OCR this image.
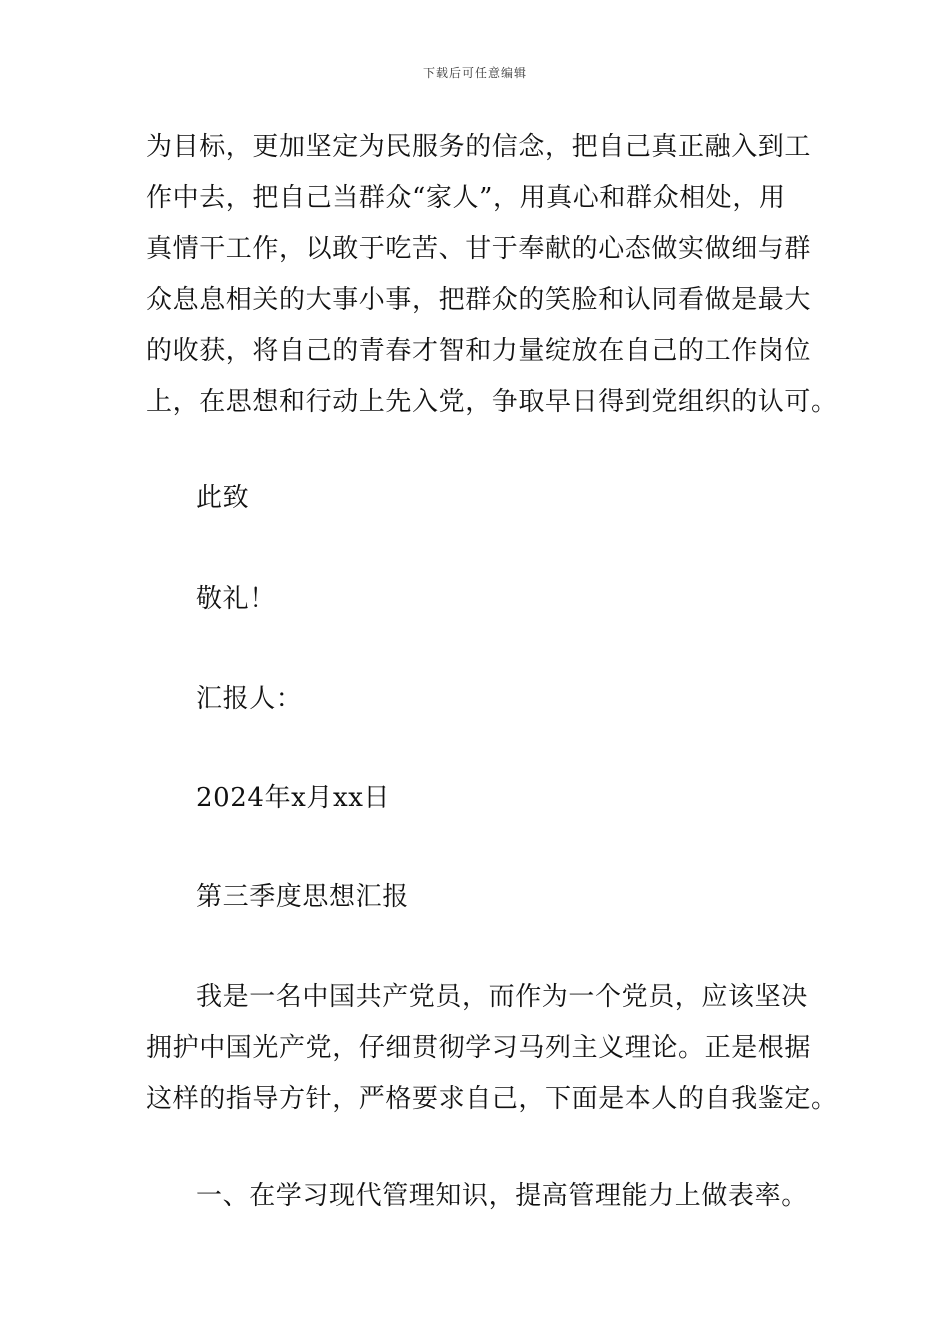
下载后可任意编辑
为目标，更加坚定为民服务的信念，把自己真正融入到工
作中去，把自己当群众“家人”，用真心和群众相处，用
真情干工作，以敢于吃苦、甘于奉献的心态做实做细与群
众息息相关的大事小事，把群众的笑脸和认同看做是最大
的收获，将自己的青春才智和力量绽放在自己的工作岗位
上，在思想和行动上先入党，争取早日得到党组织的认可。
此致
敬礼！
汇报人：
2024年x月xx日
第三季度思想汇报
我是一名中国共产党员，而作为一个党员，应该坚决
拥护中国光产党，仔细贯彻学习马列主义理论。正是根据
这样的指导方针，严格要求自己，下面是本人的自我鉴定。
一、在学习现代管理知识，提高管理能力上做表率。
